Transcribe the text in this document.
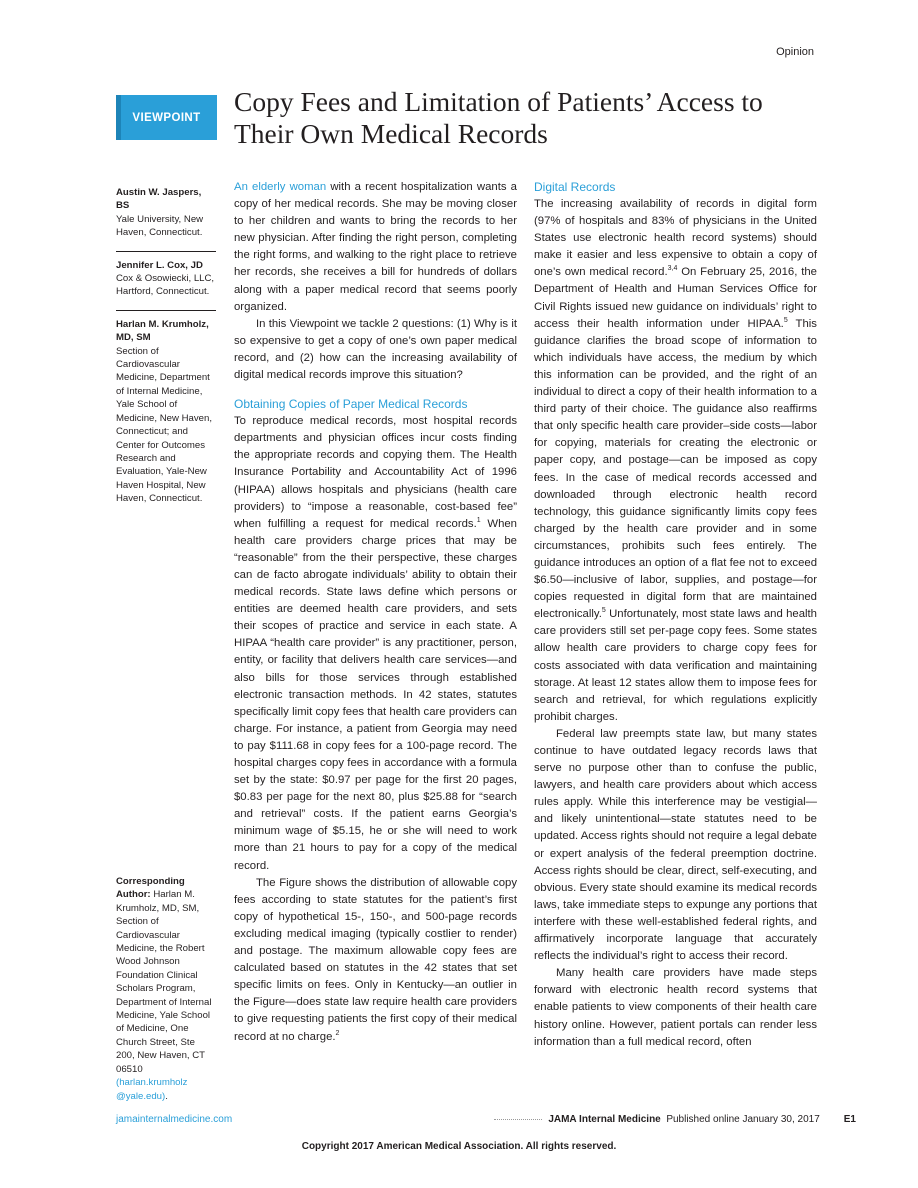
Opinion
VIEWPOINT
Copy Fees and Limitation of Patients’ Access to Their Own Medical Records
Austin W. Jaspers, BS
Yale University, New Haven, Connecticut.
Jennifer L. Cox, JD
Cox & Osowiecki, LLC, Hartford, Connecticut.
Harlan M. Krumholz, MD, SM
Section of Cardiovascular Medicine, Department of Internal Medicine, Yale School of Medicine, New Haven, Connecticut; and Center for Outcomes Research and Evaluation, Yale-New Haven Hospital, New Haven, Connecticut.
Corresponding Author: Harlan M. Krumholz, MD, SM, Section of Cardiovascular Medicine, the Robert Wood Johnson Foundation Clinical Scholars Program, Department of Internal Medicine, Yale School of Medicine, One Church Street, Ste 200, New Haven, CT 06510 (harlan.krumholz @yale.edu).

An elderly woman with a recent hospitalization wants a copy of her medical records. She may be moving closer to her children and wants to bring the records to her new physician. After finding the right person, completing the right forms, and walking to the right place to retrieve her records, she receives a bill for hundreds of dollars along with a paper medical record that seems poorly organized.

In this Viewpoint we tackle 2 questions: (1) Why is it so expensive to get a copy of one’s own paper medical record, and (2) how can the increasing availability of digital medical records improve this situation?

Obtaining Copies of Paper Medical Records

To reproduce medical records, most hospital records departments and physician offices incur costs finding the appropriate records and copying them. The Health Insurance Portability and Accountability Act of 1996 (HIPAA) allows hospitals and physicians (health care providers) to “impose a reasonable, cost-based fee” when fulfilling a request for medical records.$^1$ When health care providers charge prices that may be “reasonable” from the their perspective, these charges can de facto abrogate individuals’ ability to obtain their medical records. State laws define which persons or entities are deemed health care providers, and sets their scopes of practice and service in each state. A HIPAA “health care provider” is any practitioner, person, entity, or facility that delivers health care services—and also bills for those services through established electronic transaction methods. In 42 states, statutes specifically limit copy fees that health care providers can charge. For instance, a patient from Georgia may need to pay $111.68 in copy fees for a 100-page record. The hospital charges copy fees in accordance with a formula set by the state: $0.97 per page for the first 20 pages, $0.83 per page for the next 80, plus $25.88 for “search and retrieval” costs. If the patient earns Georgia’s minimum wage of $5.15, he or she will need to work more than 21 hours to pay for a copy of the medical record.

The Figure shows the distribution of allowable copy fees according to state statutes for the patient’s first copy of hypothetical 15-, 150-, and 500-page records excluding medical imaging (typically costlier to render) and postage. The maximum allowable copy fees are calculated based on statutes in the 42 states that set specific limits on fees. Only in Kentucky—an outlier in the Figure—does state law require health care providers to give requesting patients the first copy of their medical record at no charge.$^2$

Digital Records

The increasing availability of records in digital form (97% of hospitals and 83% of physicians in the United States use electronic health record systems) should make it easier and less expensive to obtain a copy of one’s own medical record.$^{3,4}$ On February 25, 2016, the Department of Health and Human Services Office for Civil Rights issued new guidance on individuals’ right to access their health information under HIPAA.$^5$ This guidance clarifies the broad scope of information to which individuals have access, the medium by which this information can be provided, and the right of an individual to direct a copy of their health information to a third party of their choice. The guidance also reaffirms that only specific health care provider–side costs—labor for copying, materials for creating the electronic or paper copy, and postage—can be imposed as copy fees. In the case of medical records accessed and downloaded through electronic health record technology, this guidance significantly limits copy fees charged by the health care provider and in some circumstances, prohibits such fees entirely. The guidance introduces an option of a flat fee not to exceed $6.50—inclusive of labor, supplies, and postage—for copies requested in digital form that are maintained electronically.$^5$ Unfortunately, most state laws and health care providers still set per-page copy fees. Some states allow health care providers to charge copy fees for costs associated with data verification and maintaining storage. At least 12 states allow them to impose fees for search and retrieval, for which regulations explicitly prohibit charges.

Federal law preempts state law, but many states continue to have outdated legacy records laws that serve no purpose other than to confuse the public, lawyers, and health care providers about which access rules apply. While this interference may be vestigial—and likely unintentional—state statutes need to be updated. Access rights should not require a legal debate or expert analysis of the federal preemption doctrine. Access rights should be clear, direct, self-executing, and obvious. Every state should examine its medical records laws, take immediate steps to expunge any portions that interfere with these well-established federal rights, and affirmatively incorporate language that accurately reflects the individual’s right to access their record.

Many health care providers have made steps forward with electronic health record systems that enable patients to view components of their health care history online. However, patient portals can render less information than a full medical record, often

jamainternalmedicine.com	JAMA Internal Medicine Published online January 30, 2017 E1
Copyright 2017 American Medical Association. All rights reserved.
